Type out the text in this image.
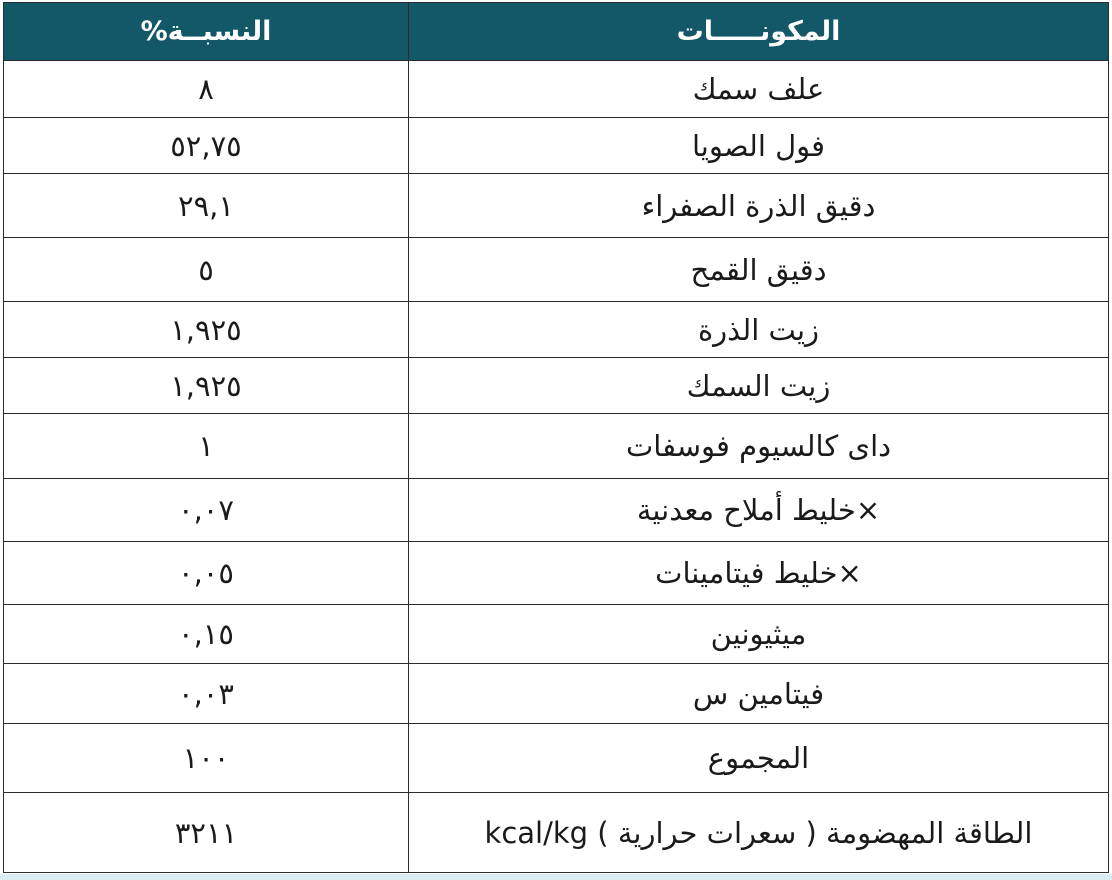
المكونـــــات	النسبــة%
علف سمك	٨
فول الصويا	٥٢,٧٥
دقيق الذرة الصفراء	٢٩,١
دقيق القمح	٥
زيت الذرة	١,٩٢٥
زيت السمك	١,٩٢٥
داى كالسيوم فوسفات	١
×خليط أملاح معدنية	٠,٠٧
×خليط فيتامينات	٠,٠٥
ميثيونين	٠,١٥
فيتامين س	٠,٠٣
المجموع	١٠٠
الطاقة المهضومة ( سعرات حرارية ) kcal/kg	٣٢١١
